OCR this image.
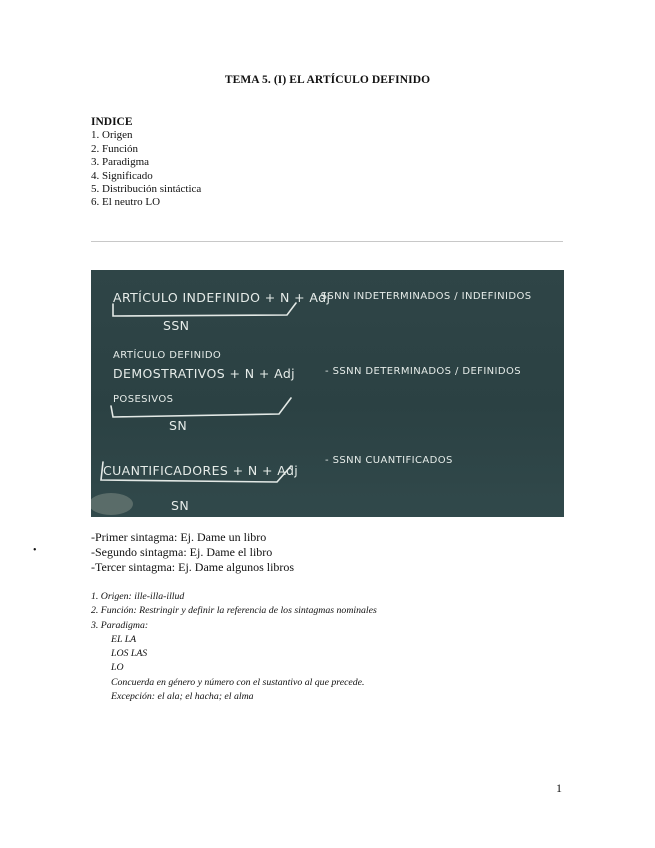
TEMA 5. (I) EL ARTÍCULO DEFINIDO
INDICE
1. Origen
2. Función
3. Paradigma
4. Significado
5. Distribución sintáctica
6. El neutro LO
ARTÍCULO INDEFINIDO + N + Adj
- SSNN INDETERMINADOS / INDEFINIDOS
SSN
ARTÍCULO DEFINIDO
DEMOSTRATIVOS + N + Adj	- SSNN DETERMINADOS / DEFINIDOS
POSESIVOS
SN
CUANTIFICADORES + N + Adj
- SSNN CUANTIFICADOS
SN
•
-Primer sintagma: Ej. Dame un libro
-Segundo sintagma: Ej. Dame el libro
-Tercer sintagma: Ej. Dame algunos libros
1. Origen: ille-illa-illud
2. Función: Restringir y definir la referencia de los sintagmas nominales
3. Paradigma:
EL LA
LOS LAS
LO
Concuerda en género y número con el sustantivo al que precede.
Excepción: el ala; el hacha; el alma
1
